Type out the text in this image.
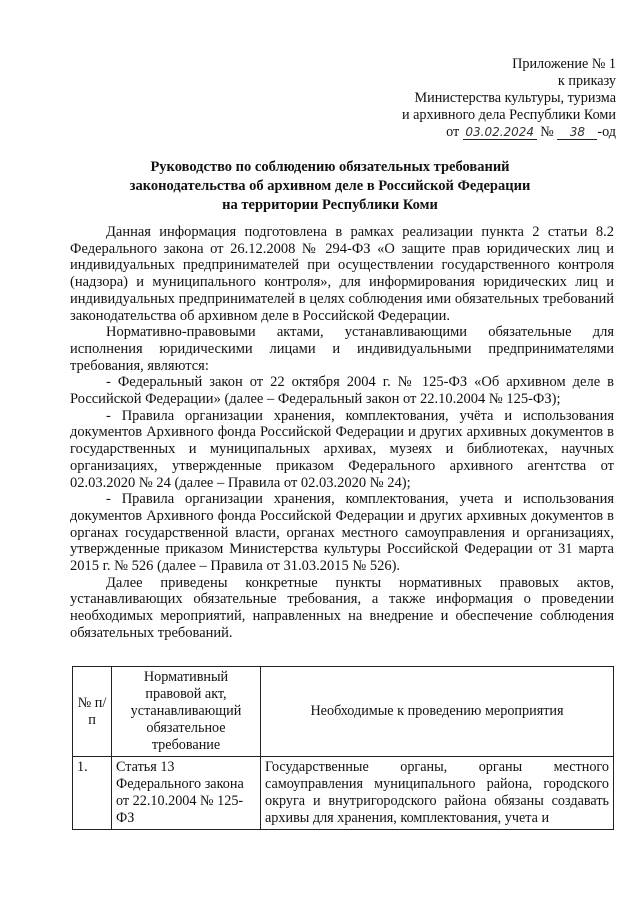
Приложение № 1
к приказу
Министерства культуры, туризма
и архивного дела Республики Коми
от 03.02.2024 № 38 -од
Руководство по соблюдению обязательных требований
законодательства об архивном деле в Российской Федерации
на территории Республики Коми

Данная информация подготовлена в рамках реализации пункта 2 статьи 8.2 Федерального закона от 26.12.2008 № 294-ФЗ «О защите прав юридических лиц и индивидуальных предпринимателей при осуществлении государственного контроля (надзора) и муниципального контроля», для информирования юридических лиц и индивидуальных предпринимателей в целях соблюдения ими обязательных требований законодательства об архивном деле в Российской Федерации.

Нормативно-правовыми актами, устанавливающими обязательные для исполнения юридическими лицами и индивидуальными предпринимателями требования, являются:

- Федеральный закон от 22 октября 2004 г. № 125-ФЗ «Об архивном деле в Российской Федерации» (далее – Федеральный закон от 22.10.2004 № 125-ФЗ);

- Правила организации хранения, комплектования, учёта и использования документов Архивного фонда Российской Федерации и других архивных документов в государственных и муниципальных архивах, музеях и библиотеках, научных организациях, утвержденные приказом Федерального архивного агентства от 02.03.2020 № 24 (далее – Правила от 02.03.2020 № 24);

- Правила организации хранения, комплектования, учета и использования документов Архивного фонда Российской Федерации и других архивных документов в органах государственной власти, органах местного самоуправления и организациях, утвержденные приказом Министерства культуры Российской Федерации от 31 марта 2015 г. № 526 (далее – Правила от 31.03.2015 № 526).

Далее приведены конкретные пункты нормативных правовых актов, устанавливающих обязательные требования, а также информация о проведении необходимых мероприятий, направленных на внедрение и обеспечение соблюдения обязательных требований.

№ п/п	Нормативный правовой акт, устанавливающий обязательное требование	Необходимые к проведению мероприятия
1.	Статья 13 Федерального закона от 22.10.2004 № 125-ФЗ	Государственные органы, органы местного самоуправления муниципального района, городского округа и внутригородского района обязаны создавать архивы для хранения, комплектования, учета и
